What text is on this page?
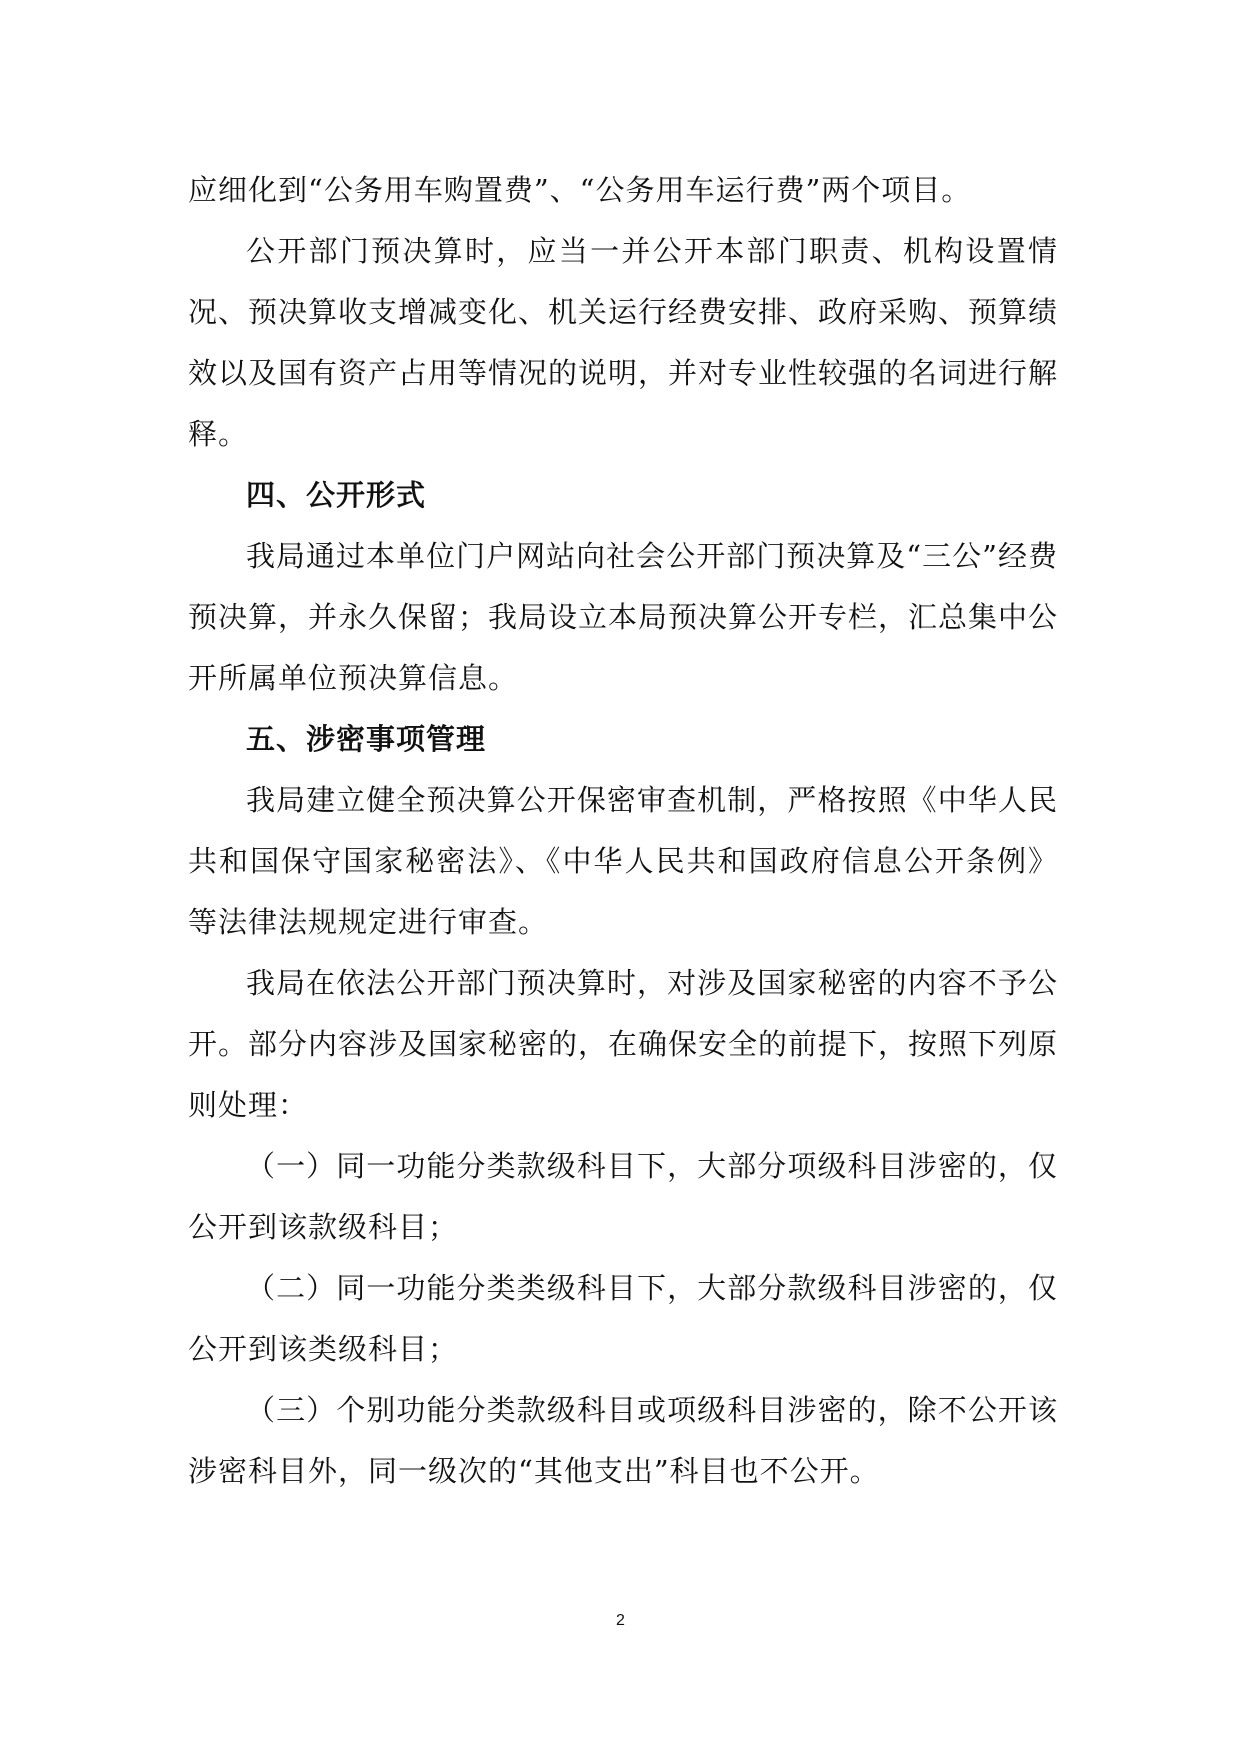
应细化到“公务用车购置费”、“公务用车运行费”两个项目。

公开部门预决算时，应当一并公开本部门职责、机构设置情况、预决算收支增减变化、机关运行经费安排、政府采购、预算绩效以及国有资产占用等情况的说明，并对专业性较强的名词进行解释。

四、公开形式

我局通过本单位门户网站向社会公开部门预决算及“三公”经费预决算，并永久保留；我局设立本局预决算公开专栏，汇总集中公开所属单位预决算信息。

五、涉密事项管理

我局建立健全预决算公开保密审查机制，严格按照《中华人民共和国保守国家秘密法》、《中华人民共和国政府信息公开条例》等法律法规规定进行审查。

我局在依法公开部门预决算时，对涉及国家秘密的内容不予公开。部分内容涉及国家秘密的，在确保安全的前提下，按照下列原则处理：

（一）同一功能分类款级科目下，大部分项级科目涉密的，仅公开到该款级科目；

（二）同一功能分类类级科目下，大部分款级科目涉密的，仅公开到该类级科目；

（三）个别功能分类款级科目或项级科目涉密的，除不公开该涉密科目外，同一级次的“其他支出”科目也不公开。

2
